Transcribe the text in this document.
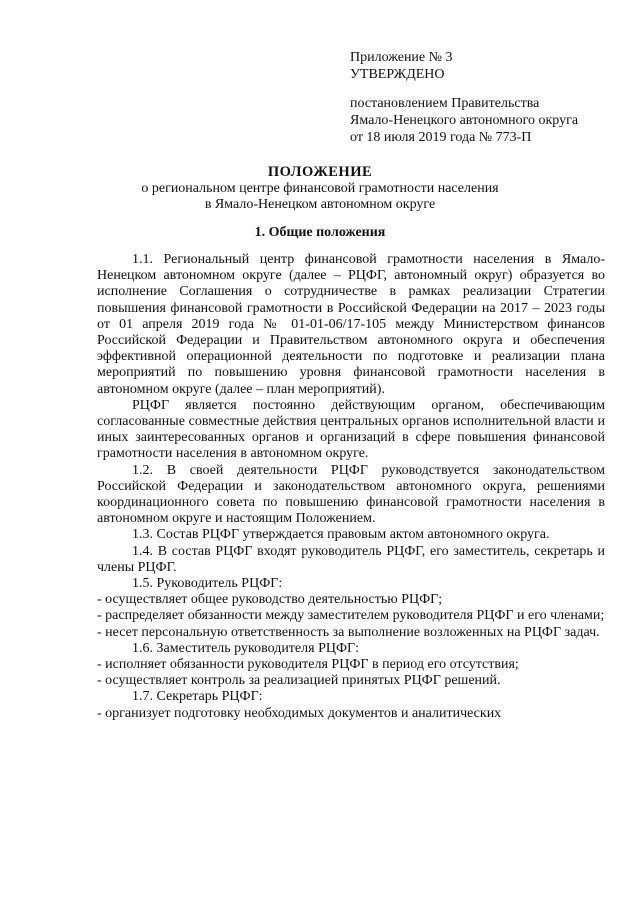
Приложение № 3
УТВЕРЖДЕНО
постановлением Правительства
Ямало-Ненецкого автономного округа
от 18 июля 2019 года № 773-П
ПОЛОЖЕНИЕ
о региональном центре финансовой грамотности населения
в Ямало-Ненецком автономном округе
1. Общие положения

1.1. Региональный центр финансовой грамотности населения в Ямало-Ненецком автономном округе (далее – РЦФГ, автономный округ) образуется во исполнение Соглашения о сотрудничестве в рамках реализации Стратегии повышения финансовой грамотности в Российской Федерации на 2017 – 2023 годы от 01 апреля 2019 года № 01-01-06/17-105 между Министерством финансов Российской Федерации и Правительством автономного округа и обеспечения эффективной операционной деятельности по подготовке и реализации плана мероприятий по повышению уровня финансовой грамотности населения в автономном округе (далее – план мероприятий).

РЦФГ является постоянно действующим органом, обеспечивающим согласованные совместные действия центральных органов исполнительной власти и иных заинтересованных органов и организаций в сфере повышения финансовой грамотности населения в автономном округе.

1.2. В своей деятельности РЦФГ руководствуется законодательством Российской Федерации и законодательством автономного округа, решениями координационного совета по повышению финансовой грамотности населения в автономном округе и настоящим Положением.

1.3. Состав РЦФГ утверждается правовым актом автономного округа.

1.4. В состав РЦФГ входят руководитель РЦФГ, его заместитель, секретарь и члены РЦФГ.

1.5. Руководитель РЦФГ:

- осуществляет общее руководство деятельностью РЦФГ;

- распределяет обязанности между заместителем руководителя РЦФГ и его членами;

- несет персональную ответственность за выполнение возложенных на РЦФГ задач.

1.6. Заместитель руководителя РЦФГ:

- исполняет обязанности руководителя РЦФГ в период его отсутствия;

- осуществляет контроль за реализацией принятых РЦФГ решений.

1.7. Секретарь РЦФГ:

- организует подготовку необходимых документов и аналитических
